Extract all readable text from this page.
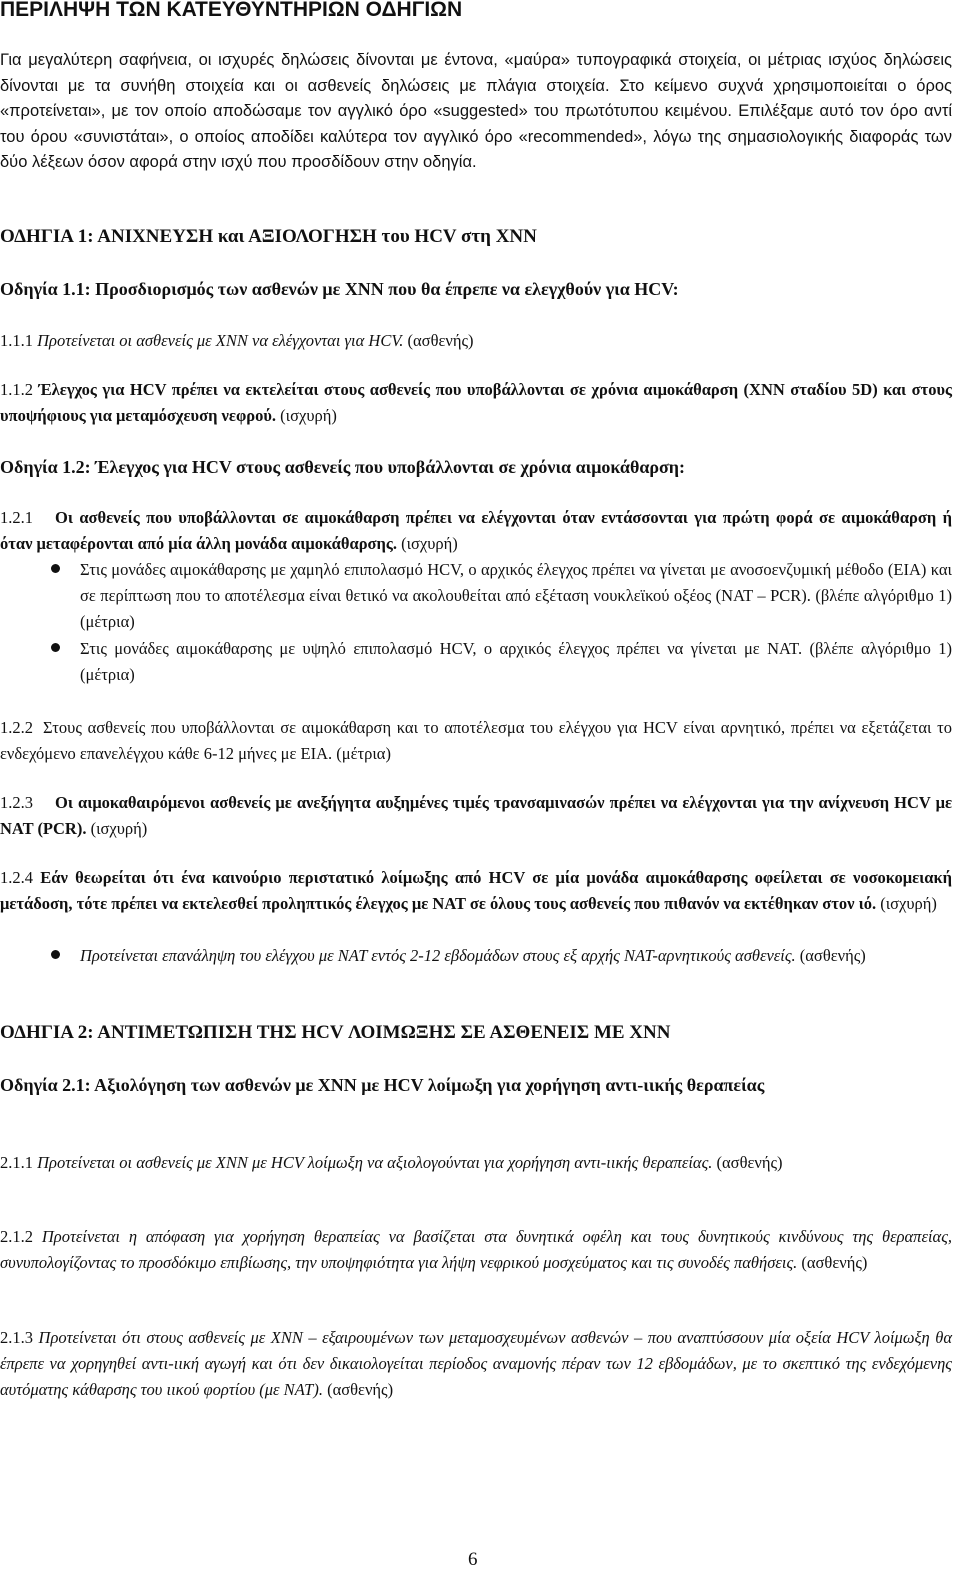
ΠΕΡΙΛΗΨΗ ΤΩΝ ΚΑΤΕΥΘΥΝΤΗΡΙΩΝ ΟΔΗΓΙΩΝ

Για μεγαλύτερη σαφήνεια, οι ισχυρές δηλώσεις δίνονται με έντονα, «μαύρα» τυπογραφικά στοιχεία, οι μέτριας ισχύος δηλώσεις δίνονται με τα συνήθη στοιχεία και οι ασθενείς δηλώσεις με πλάγια στοιχεία. Στο κείμενο συχνά χρησιμοποιείται ο όρος «προτείνεται», με τον οποίο αποδώσαμε τον αγγλικό όρο «suggested» του πρωτότυπου κειμένου. Επιλέξαμε αυτό τον όρο αντί του όρου «συνιστάται», ο οποίος αποδίδει καλύτερα τον αγγλικό όρο «recommended», λόγω της σημασιολογικής διαφοράς των δύο λέξεων όσον αφορά στην ισχύ που προσδίδουν στην οδηγία.

ΟΔΗΓΙΑ 1: ΑΝΙΧΝΕΥΣΗ και ΑΞΙΟΛΟΓΗΣΗ του HCV στη ΧΝΝ

Οδηγία 1.1: Προσδιορισμός των ασθενών με ΧΝΝ που θα έπρεπε να ελεγχθούν για HCV:

1.1.1 Προτείνεται οι ασθενείς με ΧΝΝ να ελέγχονται για HCV. (ασθενής)

1.1.2 Έλεγχος για HCV πρέπει να εκτελείται στους ασθενείς που υποβάλλονται σε χρόνια αιμοκάθαρση (ΧΝΝ σταδίου 5D) και στους υποψήφιους για μεταμόσχευση νεφρού. (ισχυρή)

Οδηγία 1.2: Έλεγχος για HCV στους ασθενείς που υποβάλλονται σε χρόνια αιμοκάθαρση:

1.2.1 Οι ασθενείς που υποβάλλονται σε αιμοκάθαρση πρέπει να ελέγχονται όταν εντάσσονται για πρώτη φορά σε αιμοκάθαρση ή όταν μεταφέρονται από μία άλλη μονάδα αιμοκάθαρσης. (ισχυρή)

Στις μονάδες αιμοκάθαρσης με χαμηλό επιπολασμό HCV, ο αρχικός έλεγχος πρέπει να γίνεται με ανοσοενζυμική μέθοδο (EIA) και σε περίπτωση που το αποτέλεσμα είναι θετικό να ακολουθείται από εξέταση νουκλεϊκού οξέος (NAT – PCR). (βλέπε αλγόριθμο 1) (μέτρια)

Στις μονάδες αιμοκάθαρσης με υψηλό επιπολασμό HCV, ο αρχικός έλεγχος πρέπει να γίνεται με NAT. (βλέπε αλγόριθμο 1) (μέτρια)

1.2.2 Στους ασθενείς που υποβάλλονται σε αιμοκάθαρση και το αποτέλεσμα του ελέγχου για HCV είναι αρνητικό, πρέπει να εξετάζεται το ενδεχόμενο επανελέγχου κάθε 6-12 μήνες με EIA. (μέτρια)

1.2.3 Οι αιμοκαθαιρόμενοι ασθενείς με ανεξήγητα αυξημένες τιμές τρανσαμινασών πρέπει να ελέγχονται για την ανίχνευση HCV με NAT (PCR). (ισχυρή)

1.2.4 Εάν θεωρείται ότι ένα καινούριο περιστατικό λοίμωξης από HCV σε μία μονάδα αιμοκάθαρσης οφείλεται σε νοσοκομειακή μετάδοση, τότε πρέπει να εκτελεσθεί προληπτικός έλεγχος με NAT σε όλους τους ασθενείς που πιθανόν να εκτέθηκαν στον ιό. (ισχυρή)

Προτείνεται επανάληψη του ελέγχου με NAT εντός 2-12 εβδομάδων στους εξ αρχής NAT-αρνητικούς ασθενείς. (ασθενής)

ΟΔΗΓΙΑ 2: ΑΝΤΙΜΕΤΩΠΙΣΗ ΤΗΣ HCV ΛΟΙΜΩΞΗΣ ΣΕ ΑΣΘΕΝΕΙΣ ΜΕ ΧΝΝ

Οδηγία 2.1: Αξιολόγηση των ασθενών με ΧΝΝ με HCV λοίμωξη για χορήγηση αντι-ιικής θεραπείας

2.1.1 Προτείνεται οι ασθενείς με ΧΝΝ με HCV λοίμωξη να αξιολογούνται για χορήγηση αντι-ιικής θεραπείας. (ασθενής)

2.1.2 Προτείνεται η απόφαση για χορήγηση θεραπείας να βασίζεται στα δυνητικά οφέλη και τους δυνητικούς κινδύνους της θεραπείας, συνυπολογίζοντας το προσδόκιμο επιβίωσης, την υποψηφιότητα για λήψη νεφρικού μοσχεύματος και τις συνοδές παθήσεις. (ασθενής)

2.1.3 Προτείνεται ότι στους ασθενείς με ΧΝΝ – εξαιρουμένων των μεταμοσχευμένων ασθενών – που αναπτύσσουν μία οξεία HCV λοίμωξη θα έπρεπε να χορηγηθεί αντι-ιική αγωγή και ότι δεν δικαιολογείται περίοδος αναμονής πέραν των 12 εβδομάδων, με το σκεπτικό της ενδεχόμενης αυτόματης κάθαρσης του ιικού φορτίου (με NAT). (ασθενής)

6
